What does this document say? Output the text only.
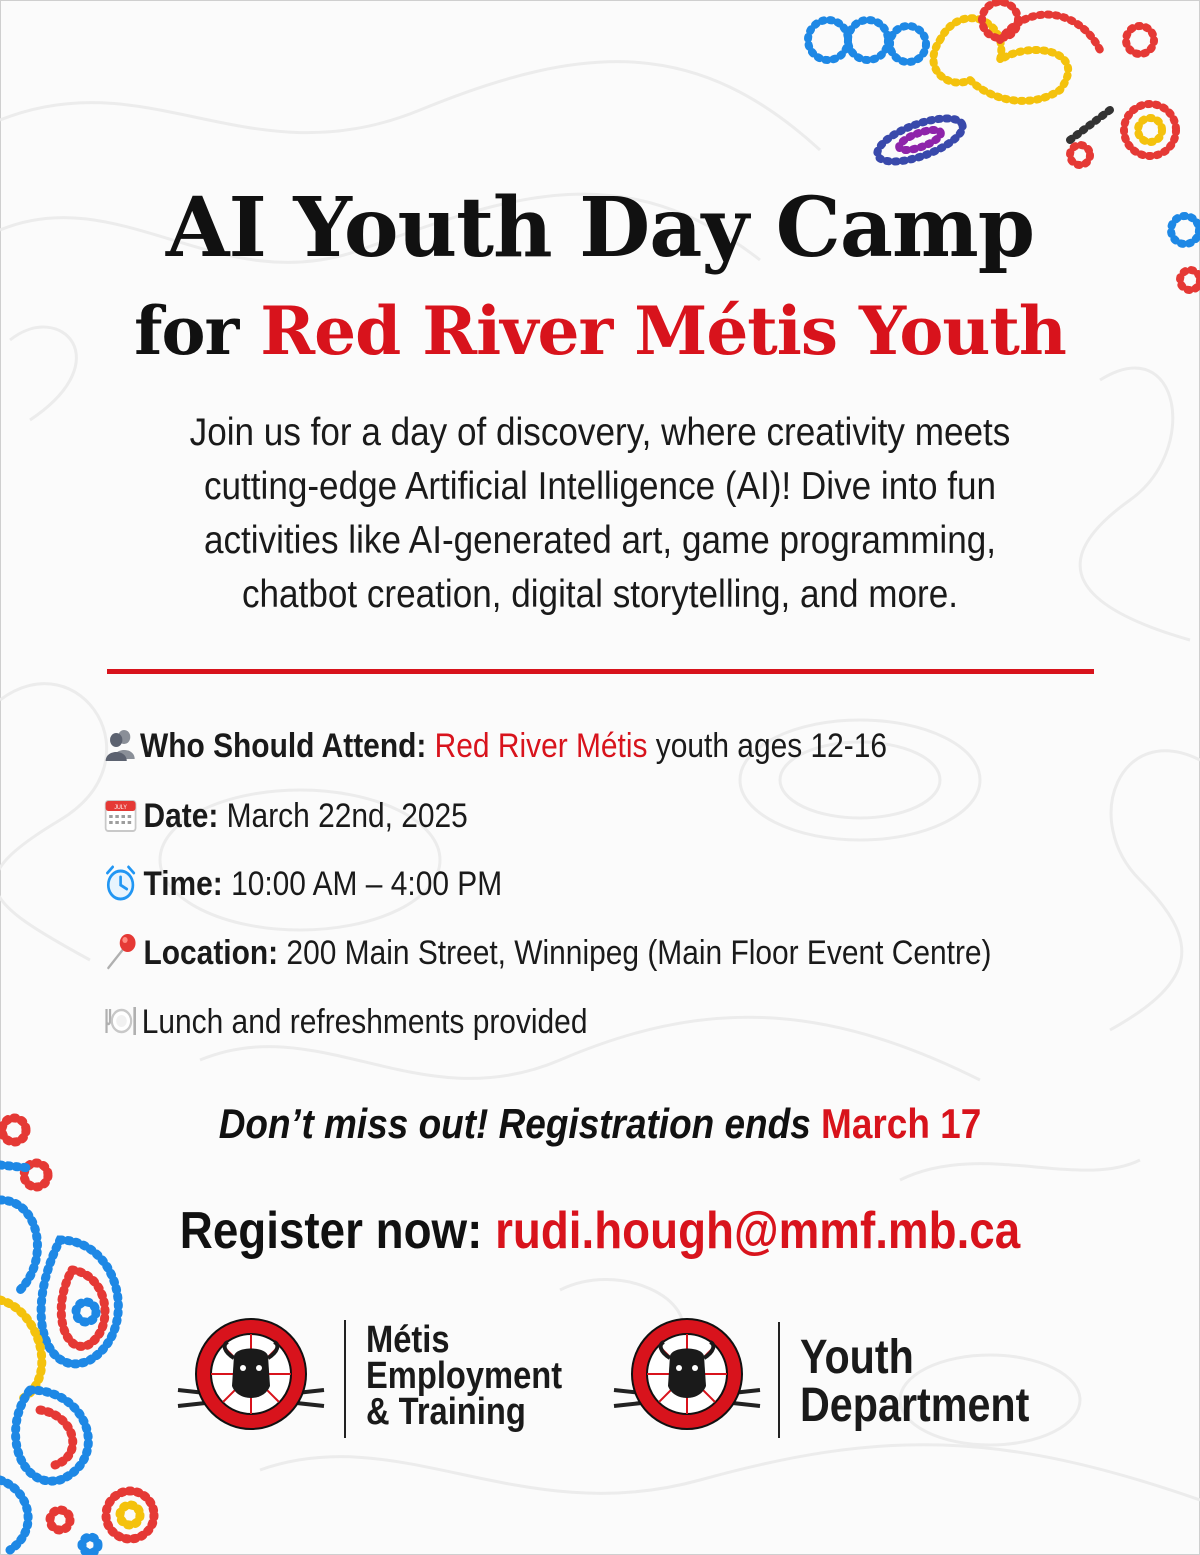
AI Youth Day Camp
for Red River Métis Youth
Join us for a day of discovery, where creativity meets
cutting-edge Artificial Intelligence (AI)! Dive into fun
activities like AI-generated art, game programming,
chatbot creation, digital storytelling, and more.
Who Should Attend: Red River Métis youth ages 12-16
JULY Date: March 22nd, 2025
Time: 10:00 AM – 4:00 PM
Location: 200 Main Street, Winnipeg (Main Floor Event Centre)
Lunch and refreshments provided
Don’t miss out! Registration ends March 17
Register now: rudi.hough@mmf.mb.ca
Métis
Employment
& Training
Youth
Department
